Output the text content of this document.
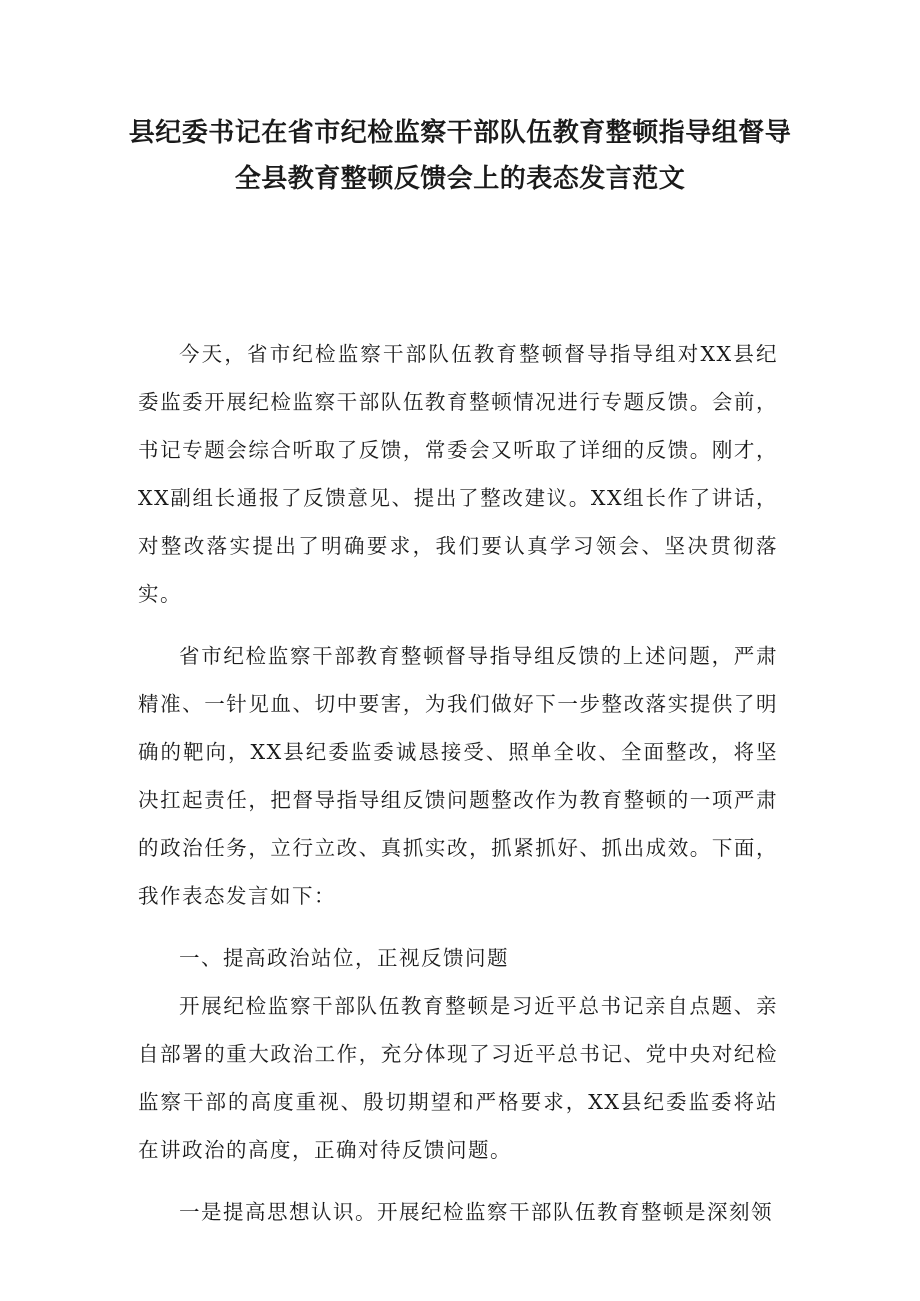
县纪委书记在省市纪检监察干部队伍教育整顿指导组督导
全县教育整顿反馈会上的表态发言范文

今天，省市纪检监察干部队伍教育整顿督导指导组对XX县纪委监委开展纪检监察干部队伍教育整顿情况进行专题反馈。会前，书记专题会综合听取了反馈，常委会又听取了详细的反馈。刚才，XX副组长通报了反馈意见、提出了整改建议。XX组长作了讲话，对整改落实提出了明确要求，我们要认真学习领会、坚决贯彻落实。

省市纪检监察干部教育整顿督导指导组反馈的上述问题，严肃精准、一针见血、切中要害，为我们做好下一步整改落实提供了明确的靶向，XX县纪委监委诚恳接受、照单全收、全面整改，将坚决扛起责任，把督导指导组反馈问题整改作为教育整顿的一项严肃的政治任务，立行立改、真抓实改，抓紧抓好、抓出成效。下面，我作表态发言如下：

一、提高政治站位，正视反馈问题

开展纪检监察干部队伍教育整顿是习近平总书记亲自点题、亲自部署的重大政治工作，充分体现了习近平总书记、党中央对纪检监察干部的高度重视、殷切期望和严格要求，XX县纪委监委将站在讲政治的高度，正确对待反馈问题。

一是提高思想认识。开展纪检监察干部队伍教育整顿是深刻领
